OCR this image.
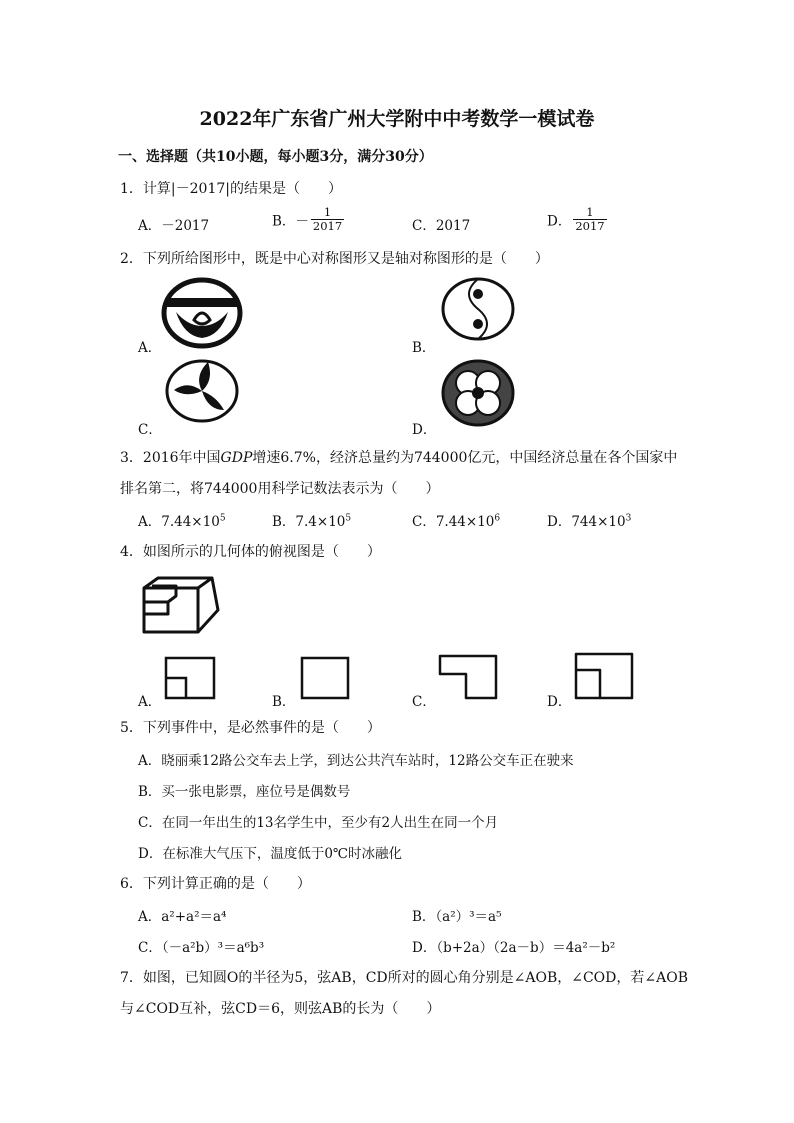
2022年广东省广州大学附中中考数学一模试卷
一、选择题（共10小题，每小题3分，满分30分）
1．计算|－2017|的结果是（　　）
A．－2017	B．－ $\frac{1}{2017}$	C．2017	D． $\frac{1}{2017}$
2．下列所给图形中，既是中心对称图形又是轴对称图形的是（　　）
A．	B．
C．	D．
3．2016年中国GDP增速6.7%，经济总量约为744000亿元，中国经济总量在各个国家中
排名第二，将744000用科学记数法表示为（　　）
A．$7.44\times 10^5$	B．$7.4\times 10^5$	C．$7.44\times 10^6$	D．$744\times 10^3$
4．如图所示的几何体的俯视图是（　　）
A．	B．	C．	D．
5．下列事件中，是必然事件的是（　　）
A．晓丽乘12路公交车去上学，到达公共汽车站时，12路公交车正在驶来
B．买一张电影票，座位号是偶数号
C．在同一年出生的13名学生中，至少有2人出生在同一个月
D．在标准大气压下，温度低于0℃时冰融化
6．下列计算正确的是（　　）
A．a²+a²＝a⁴	B．（a²）³＝a⁵
C．（－a²b）³＝a⁶b³	D．（b+2a）（2a－b）＝4a²－b²
7．如图，已知圆O的半径为5，弦AB，CD所对的圆心角分别是∠AOB，∠COD，若∠AOB
与∠COD互补，弦CD＝6，则弦AB的长为（　　）
